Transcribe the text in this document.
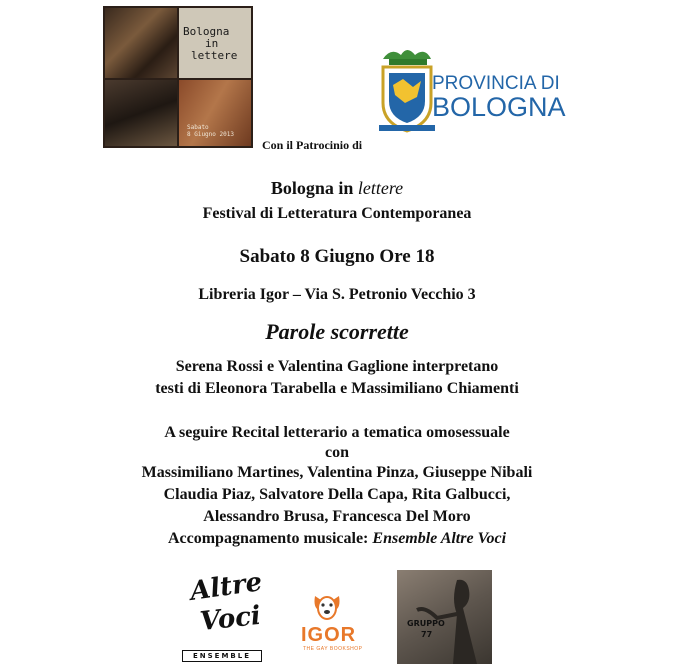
Bologna
in
lettere
Sabato
8 Giugno 2013
Con il Patrocinio di
PROVINCIA DI
BOLOGNA
Bologna in lettere
Festival di Letteratura Contemporanea
Sabato 8 Giugno Ore 18
Libreria Igor – Via S. Petronio Vecchio 3
Parole scorrette
Serena Rossi e Valentina Gaglione interpretano
testi di Eleonora Tarabella e Massimiliano Chiamenti
A seguire Recital letterario a tematica omosessuale
con
Massimiliano Martines, Valentina Pinza, Giuseppe Nibali
Claudia Piaz, Salvatore Della Capa, Rita Galbucci,
Alessandro Brusa, Francesca Del Moro
Accompagnamento musicale: Ensemble Altre Voci
Altre
Voci
ENSEMBLE
IGOR
THE GAY BOOKSHOP
GRUPPO
77
